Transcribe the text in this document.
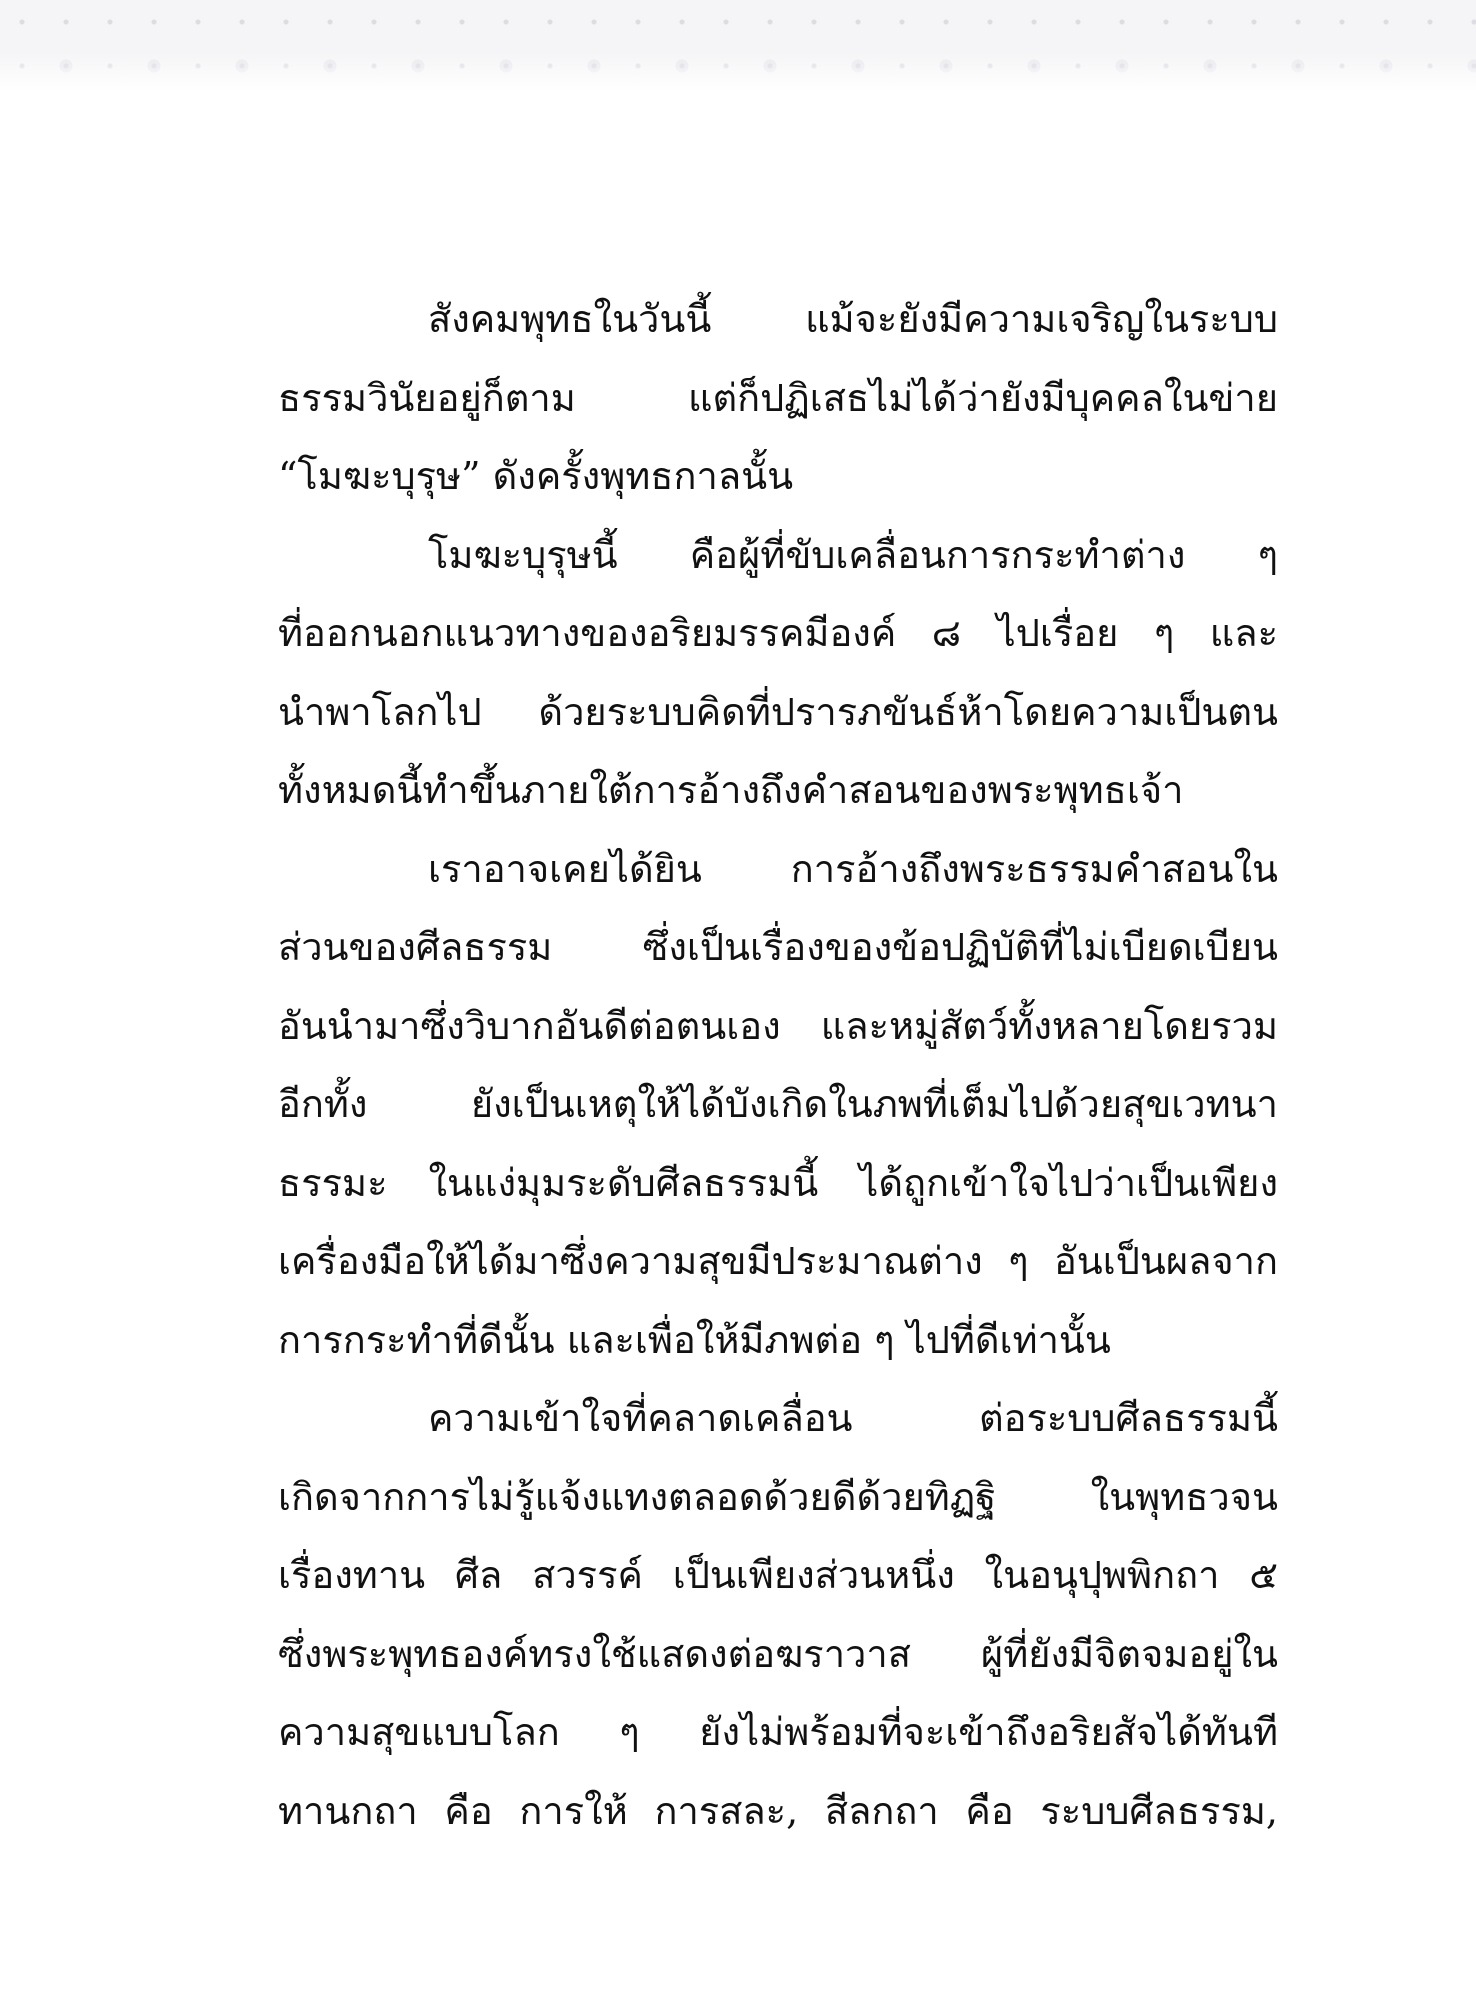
สังคมพุทธในวันนี้ แม้จะยังมีความเจริญในระบบ
ธรรมวินัยอยู่ก็ตาม แต่ก็ปฏิเสธไม่ได้ว่ายังมีบุคคลในข่าย
“โมฆะบุรุษ” ดังครั้งพุทธกาลนั้น
โมฆะบุรุษนี้ คือผู้ที่ขับเคลื่อนการกระทำต่าง ๆ
ที่ออกนอกแนวทางของอริยมรรคมีองค์ ๘ ไปเรื่อย ๆ และ
นำพาโลกไป ด้วยระบบคิดที่ปรารภขันธ์ห้าโดยความเป็นตน
ทั้งหมดนี้ทำขึ้นภายใต้การอ้างถึงคำสอนของพระพุทธเจ้า
เราอาจเคยได้ยิน การอ้างถึงพระธรรมคำสอนใน
ส่วนของศีลธรรม ซึ่งเป็นเรื่องของข้อปฏิบัติที่ไม่เบียดเบียน
อันนำมาซึ่งวิบากอันดีต่อตนเอง และหมู่สัตว์ทั้งหลายโดยรวม
อีกทั้ง ยังเป็นเหตุให้ได้บังเกิดในภพที่เต็มไปด้วยสุขเวทนา
ธรรมะ ในแง่มุมระดับศีลธรรมนี้ ได้ถูกเข้าใจไปว่าเป็นเพียง
เครื่องมือให้ได้มาซึ่งความสุขมีประมาณต่าง ๆ อันเป็นผลจาก
การกระทำที่ดีนั้น และเพื่อให้มีภพต่อ ๆ ไปที่ดีเท่านั้น
ความเข้าใจที่คลาดเคลื่อน ต่อระบบศีลธรรมนี้
เกิดจากการไม่รู้แจ้งแทงตลอดด้วยดีด้วยทิฏฐิ ในพุทธวจน
เรื่องทาน ศีล สวรรค์ เป็นเพียงส่วนหนึ่ง ในอนุปุพพิกถา ๕
ซึ่งพระพุทธองค์ทรงใช้แสดงต่อฆราวาส ผู้ที่ยังมีจิตจมอยู่ใน
ความสุขแบบโลก ๆ ยังไม่พร้อมที่จะเข้าถึงอริยสัจได้ทันที
ทานกถา คือ การให้ การสละ, สีลกถา คือ ระบบศีลธรรม,
